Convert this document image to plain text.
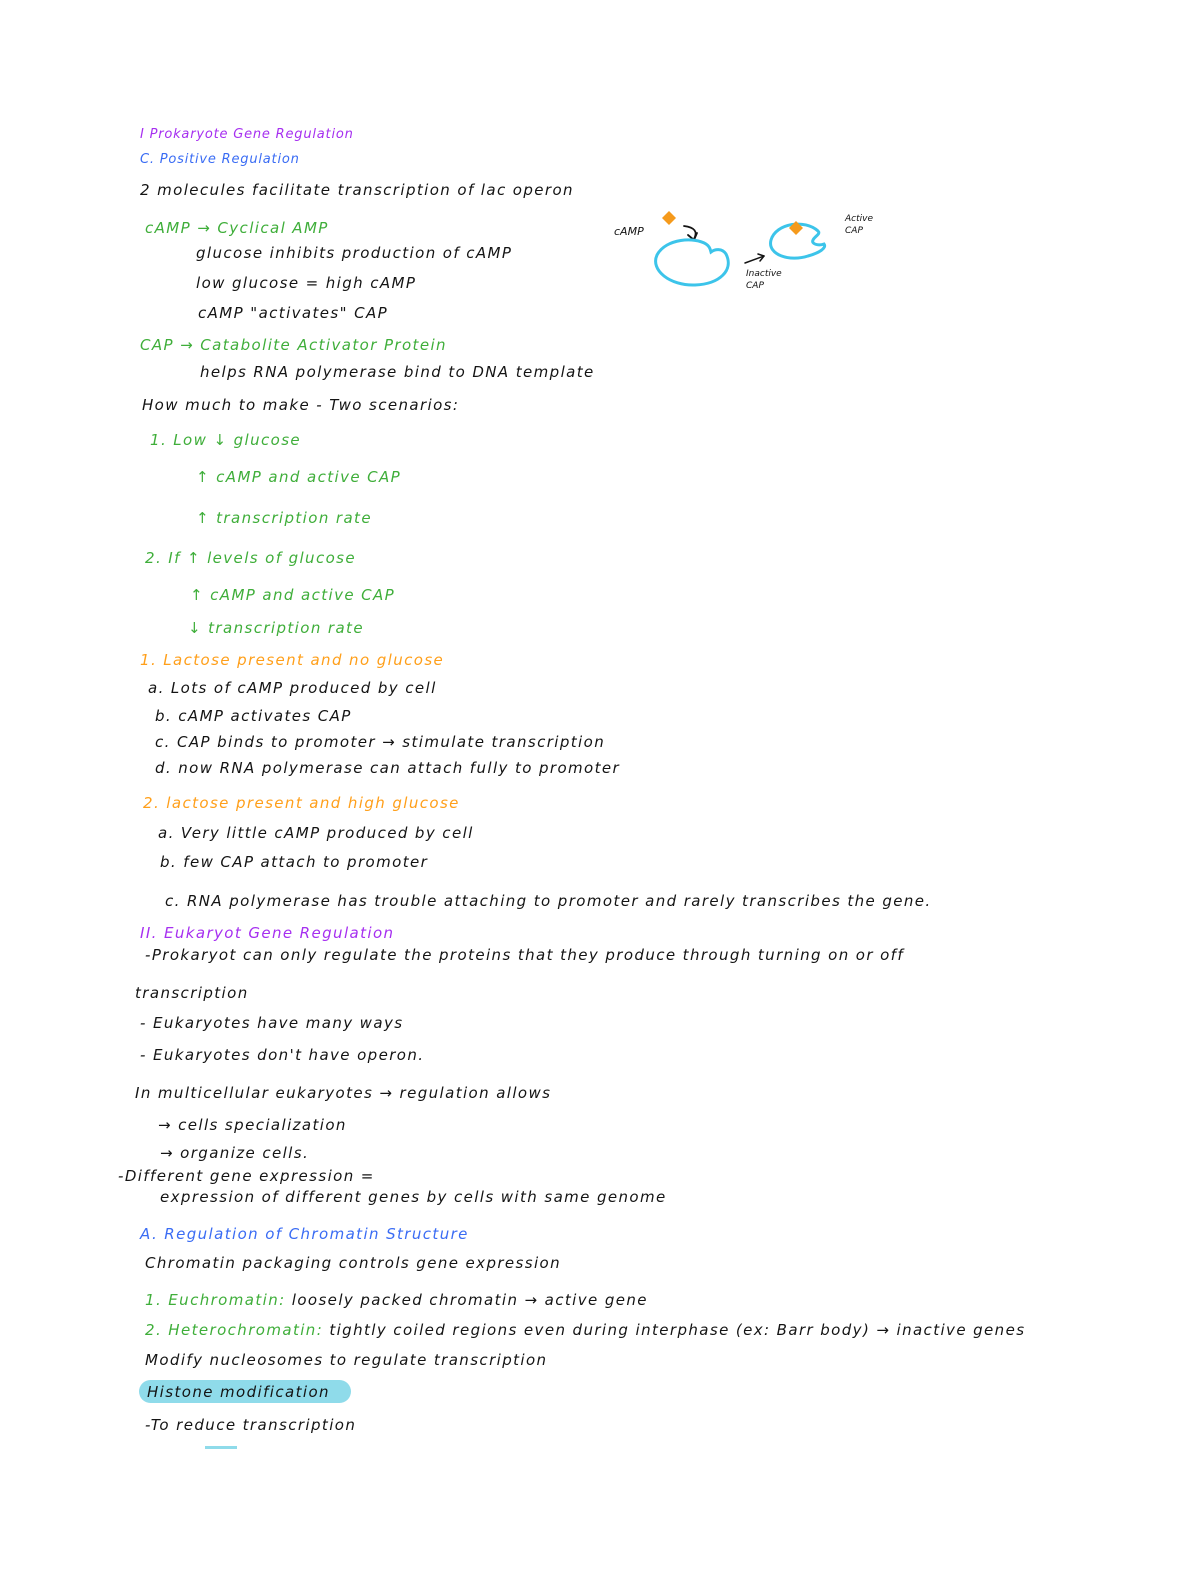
I Prokaryote Gene Regulation
C. Positive Regulation
2 molecules facilitate transcription of lac operon
cAMP → Cyclical AMP
glucose inhibits production of cAMP
low glucose = high cAMP
cAMP "activates" CAP
CAP → Catabolite Activator Protein
helps RNA polymerase bind to DNA template
How much to make - Two scenarios:
1. Low ↓ glucose
↑ cAMP and active CAP
↑ transcription rate
2. If ↑ levels of glucose
↑ cAMP and active CAP
↓ transcription rate
1. Lactose present and no glucose
a. Lots of cAMP produced by cell
b. cAMP activates CAP
c. CAP binds to promoter → stimulate transcription
d. now RNA polymerase can attach fully to promoter
2. lactose present and high glucose
a. Very little cAMP produced by cell
b. few CAP attach to promoter
c. RNA polymerase has trouble attaching to promoter and rarely transcribes the gene.
cAMP
Inactive CAP
Active CAP
II. Eukaryot Gene Regulation
-Prokaryot can only regulate the proteins that they produce through turning on or off
transcription
- Eukaryotes have many ways
- Eukaryotes don't have operon.
In multicellular eukaryotes → regulation allows
→ cells specialization
→ organize cells.
-Different gene expression =
expression of different genes by cells with same genome
A. Regulation of Chromatin Structure
Chromatin packaging controls gene expression
1. Euchromatin: loosely packed chromatin → active gene
2. Heterochromatin: tightly coiled regions even during interphase (ex: Barr body) → inactive genes
Modify nucleosomes to regulate transcription
Histone modification
-To reduce transcription
